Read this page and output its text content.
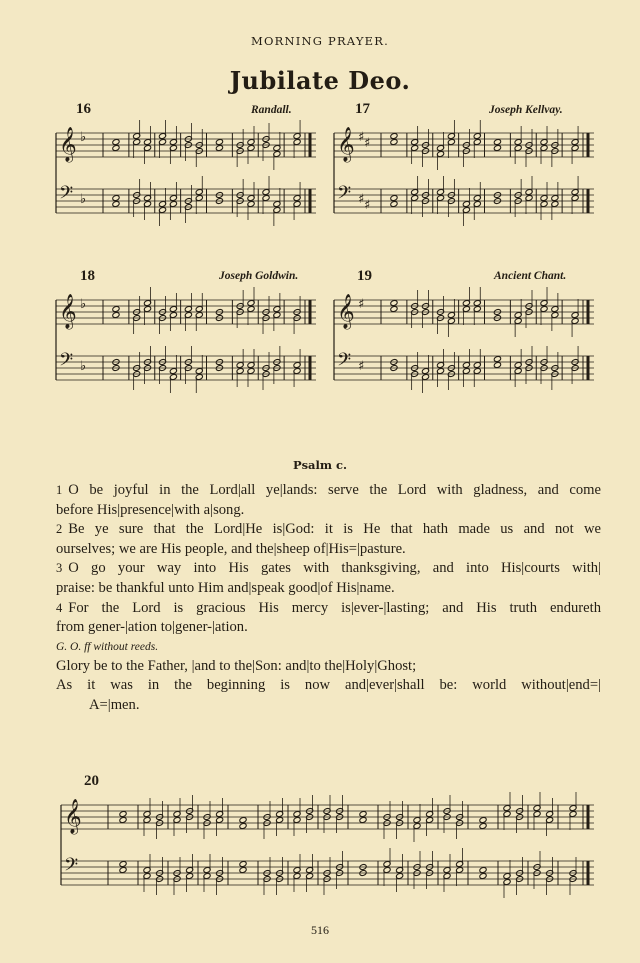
MORNING PRAYER.
Jubilate Deo.
16	Randall.
𝄞 ♭
𝄢 ♭
17	Joseph Kellvay.
𝄞 ♯ ♯
𝄢 ♯ ♯
18	Joseph Goldwin.
𝄞 ♭
𝄢 ♭
19	Ancient Chant.
𝄞 ♯
𝄢 ♯
Psalm c.
1 O be joyful in the Lord|all ye|lands: serve the Lord with gladness, and come
before His|presence|with a|song.
2 Be ye sure that the Lord|He is|God: it is He that hath made us and not we
ourselves; we are His people, and the|sheep of|His=|pasture.
3 O go your way into His gates with thanksgiving, and into His|courts with|
praise: be thankful unto Him and|speak good|of His|name.
4 For the Lord is gracious His mercy is|ever-|lasting; and His truth endureth
from gener-|ation to|gener-|ation.
G. O. ff without reeds.
Glory be to the Father, |and to the|Son: and|to the|Holy|Ghost;
As it was in the beginning is now and|ever|shall be: world without|end=|
A=|men.
20
𝄞
𝄢
516
